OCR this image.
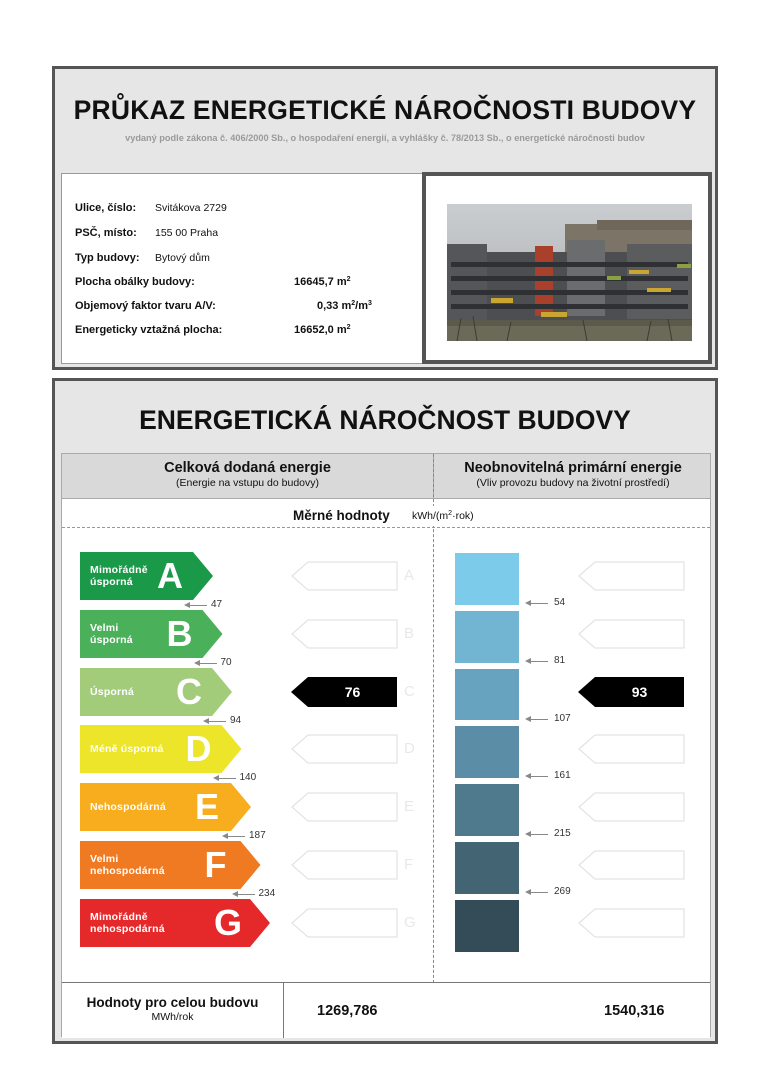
PRŮKAZ ENERGETICKÉ NÁROČNOSTI BUDOVY
vydaný podle zákona č. 406/2000 Sb., o hospodaření energií, a vyhlášky č. 78/2013 Sb., o energetické náročnosti budov
Ulice, číslo: Svitákova 2729
PSČ, místo: 155 00 Praha
Typ budovy: Bytový dům
Plocha obálky budovy:	16645,7 $m^2$
Objemový faktor tvaru A/V:	0,33 $m^2/m^3$
Energeticky vztažná plocha:	16652,0 $m^2$
ENERGETICKÁ NÁROČNOST BUDOVY
Celková dodaná energie
(Energie na vstupu do budovy)
Neobnovitelná primární energie
(Vliv provozu budovy na životní prostředí)
Měrné hodnoty kWh/$(m^2\cdot rok)$
Mimořádně
úsporná A	A
47	54
Velmi
úsporná B	B
70	81
Úsporná C	76	C	93
94	107
Méně úsporná D	D
140	161
Nehospodárná E	E
187	215
Velmi
nehospodárná F	F
234	269
Mimořádně
nehospodárná G	G
Hodnoty pro celou budovu
MWh/rok	1269,786	1540,316
